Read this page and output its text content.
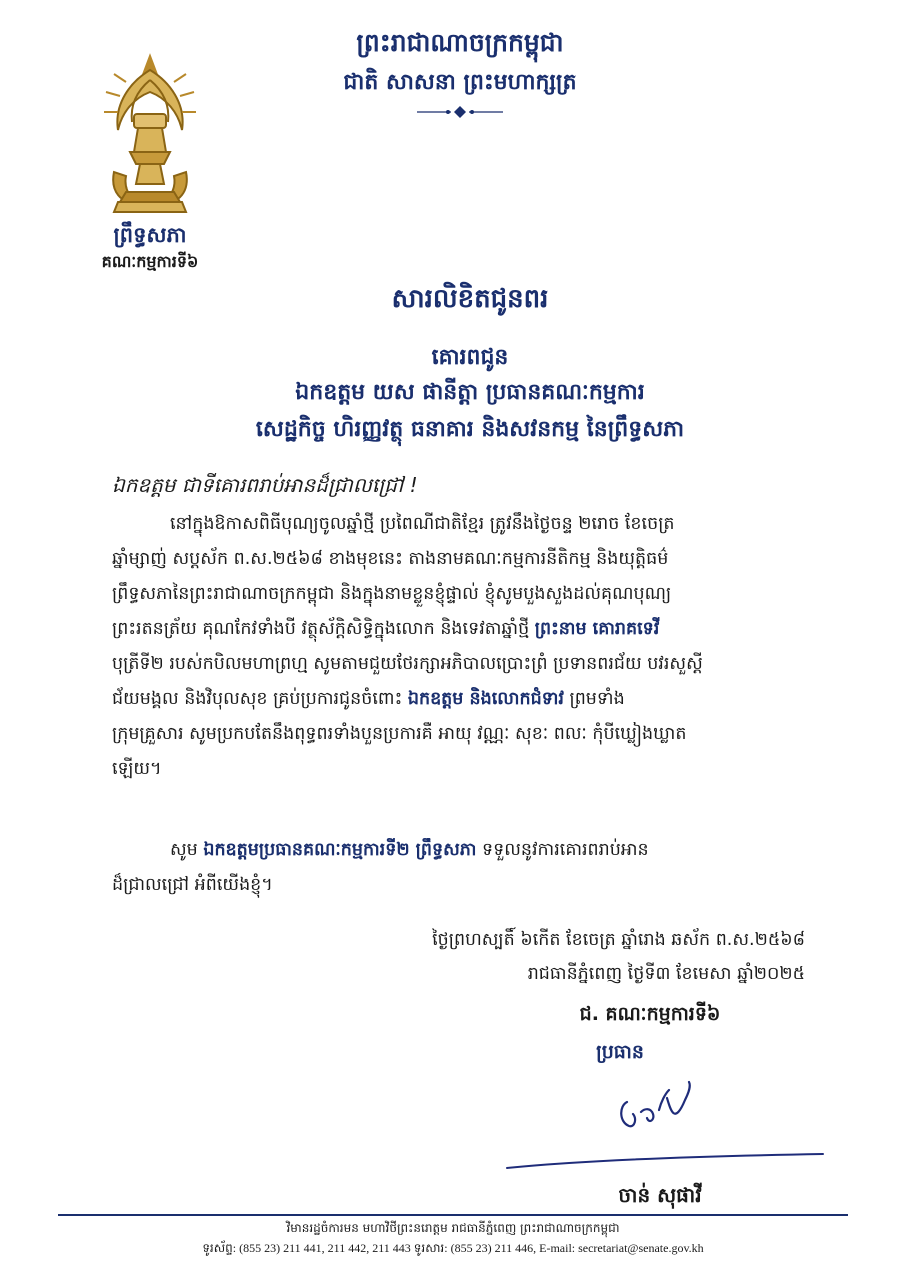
ព្រឹទ្ធសភា
គណៈកម្មការទី៦
ព្រះរាជាណាចក្រកម្ពុជា
ជាតិ សាសនា ព្រះមហាក្សត្រ
សារលិខិតជូនពរ
គោរពជូន
ឯកឧត្តម យស ផានីត្តា ប្រធានគណៈកម្មការ
សេដ្ឋកិច្ច ហិរញ្ញវត្ថុ ធនាគារ និងសវនកម្ម នៃព្រឹទ្ធសភា
ឯកឧត្តម ជាទីគោរពរាប់អានដ៏ជ្រាលជ្រៅ !
នៅក្នុងឱកាសពិធីបុណ្យចូលឆ្នាំថ្មី ប្រពៃណីជាតិខ្មែរ ត្រូវនឹងថ្ងៃចន្ទ ២រោច ខែចេត្រ
ឆ្នាំម្សាញ់ សប្តស័ក ព.ស.២៥៦៨ ខាងមុខនេះ តាងនាមគណៈកម្មការនីតិកម្ម និងយុត្តិធម៌
ព្រឹទ្ធសភានៃព្រះរាជាណាចក្រកម្ពុជា និងក្នុងនាមខ្លួនខ្ញុំផ្ទាល់ ខ្ញុំសូមបួងសួងដល់គុណបុណ្យ
ព្រះរតនត្រ័យ គុណកែវទាំងបី វត្ថុស័ក្តិសិទ្ធិក្នុងលោក និងទេវតាឆ្នាំថ្មី ព្រះនាម គោរាគទេវី
បុត្រីទី២ របស់កបិលមហាព្រហ្ម សូមតាមជួយថែរក្សាអភិបាលប្រោះព្រំ ប្រទានពរជ័យ បវរសួស្តី
ជ័យមង្គល និងវិបុលសុខ គ្រប់ប្រការជូនចំពោះ ឯកឧត្តម និងលោកជំទាវ ព្រមទាំង
ក្រុមគ្រួសារ សូមប្រកបតែនឹងពុទ្ធពរទាំងបួនប្រការគឺ អាយុ វណ្ណៈ សុខៈ ពលៈ កុំបីឃ្លៀងឃ្លាត
ឡើយ។
សូម ឯកឧត្តមប្រធានគណៈកម្មការទី២ ព្រឹទ្ធសភា ទទួលនូវការគោរពរាប់អាន
ដ៏ជ្រាលជ្រៅ អំពីយើងខ្ញុំ។
ថ្ងៃព្រហស្បតិ៍ ៦កើត ខែចេត្រ ឆ្នាំរោង ឆស័ក ព.ស.២៥៦៨
រាជធានីភ្នំពេញ ថ្ងៃទី៣ ខែមេសា ឆ្នាំ២០២៥
ជ. គណៈកម្មការទី៦
ប្រធាន
ចាន់ សុផាវី
វិមានរដ្ឋចំការមន មហាវិថីព្រះនរោត្តម រាជធានីភ្នំពេញ ព្រះរាជាណាចក្រកម្ពុជា
ទូរស័ព្ទ: (855 23) 211 441, 211 442, 211 443 ទូរសារ: (855 23) 211 446, E-mail: secretariat@senate.gov.kh
